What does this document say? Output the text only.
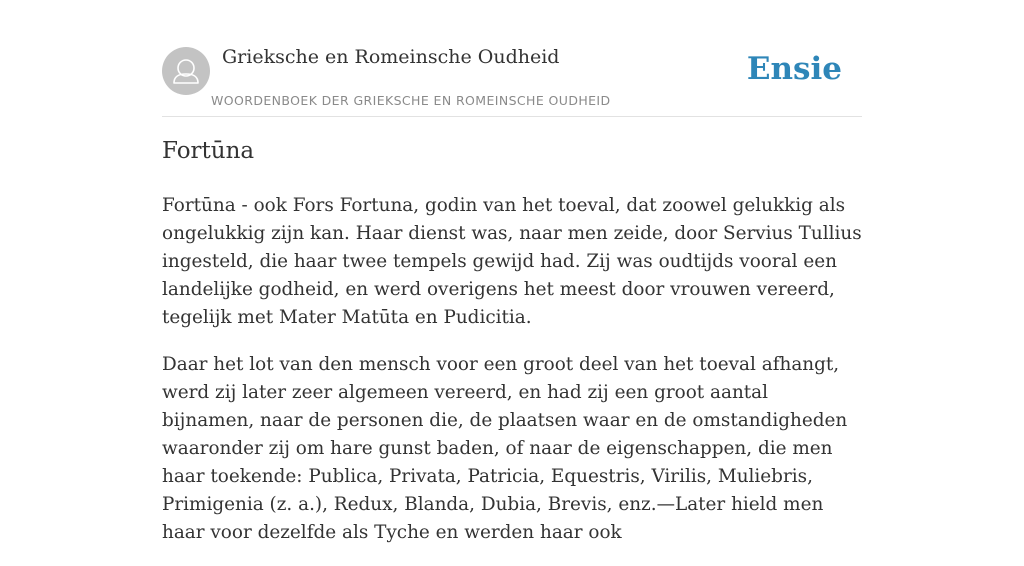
Grieksche en Romeinsche Oudheid
WOORDENBOEK DER GRIEKSCHE EN ROMEINSCHE OUDHEID
Ensie
Fortūna

Fortūna - ook Fors Fortuna, godin van het toeval, dat zoowel gelukkig als ongelukkig zijn kan. Haar dienst was, naar men zeide, door Servius Tullius ingesteld, die haar twee tempels gewijd had. Zij was oudtijds vooral een landelijke godheid, en werd overigens het meest door vrouwen vereerd, tegelijk met Mater Matūta en Pudicitia.

Daar het lot van den mensch voor een groot deel van het toeval afhangt, werd zij later zeer algemeen vereerd, en had zij een groot aantal bijnamen, naar de personen die, de plaatsen waar en de omstandigheden waaronder zij om hare gunst baden, of naar de eigenschappen, die men haar toekende: Publica, Privata, Patricia, Equestris, Virilis, Muliebris, Primigenia (z. a.), Redux, Blanda, Dubia, Brevis, enz.—Later hield men haar voor dezelfde als Tyche en werden haar ook
